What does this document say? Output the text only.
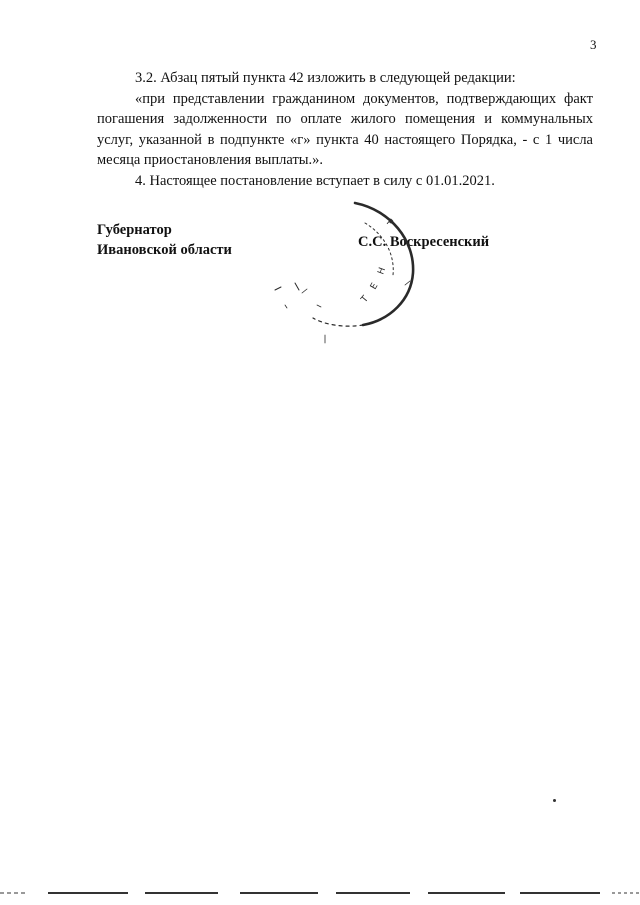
3

3.2. Абзац пятый пункта 42 изложить в следующей редакции:

«при представлении гражданином документов, подтверждающих факт погашения задолженности по оплате жилого помещения и коммунальных услуг, указанной в подпункте «г» пункта 40 настоящего Порядка, - с 1 числа месяца приостановления выплаты.».

4. Настоящее постановление вступает в силу с 01.01.2021.

Губернатор
Ивановской области	С.С. Воскресенский
Р
Н
Е
Т
